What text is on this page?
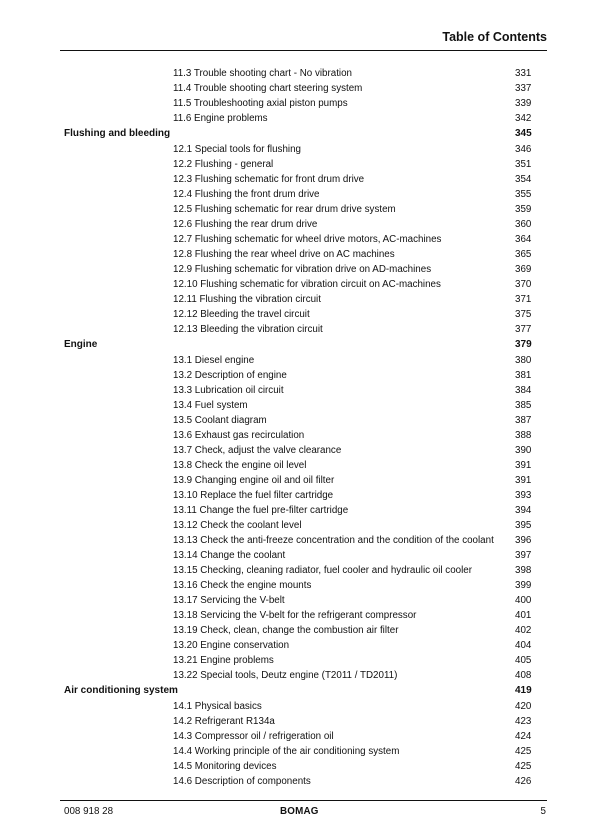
Table of Contents
11.3 Trouble shooting chart - No vibration	331
11.4 Trouble shooting chart steering system	337
11.5 Troubleshooting axial piston pumps	339
11.6 Engine problems	342
Flushing and bleeding	345
12.1 Special tools for flushing	346
12.2 Flushing - general	351
12.3 Flushing schematic for front drum drive	354
12.4 Flushing the front drum drive	355
12.5 Flushing schematic for rear drum drive system	359
12.6 Flushing the rear drum drive	360
12.7 Flushing schematic for wheel drive motors, AC-machines	364
12.8 Flushing the rear wheel drive on AC machines	365
12.9 Flushing schematic for vibration drive on AD-machines	369
12.10 Flushing schematic for vibration circuit on AC-machines	370
12.11 Flushing the vibration circuit	371
12.12 Bleeding the travel circuit	375
12.13 Bleeding the vibration circuit	377
Engine	379
13.1 Diesel engine	380
13.2 Description of engine	381
13.3 Lubrication oil circuit	384
13.4 Fuel system	385
13.5 Coolant diagram	387
13.6 Exhaust gas recirculation	388
13.7 Check, adjust the valve clearance	390
13.8 Check the engine oil level	391
13.9 Changing engine oil and oil filter	391
13.10 Replace the fuel filter cartridge	393
13.11 Change the fuel pre-filter cartridge	394
13.12 Check the coolant level	395
13.13 Check the anti-freeze concentration and the condition of the coolant 396
13.14 Change the coolant	397
13.15 Checking, cleaning radiator, fuel cooler and hydraulic oil cooler	398
13.16 Check the engine mounts	399
13.17 Servicing the V-belt	400
13.18 Servicing the V-belt for the refrigerant compressor	401
13.19 Check, clean, change the combustion air filter	402
13.20 Engine conservation	404
13.21 Engine problems	405
13.22 Special tools, Deutz engine (T2011 / TD2011)	408
Air conditioning system	419
14.1 Physical basics	420
14.2 Refrigerant R134a	423
14.3 Compressor oil / refrigeration oil	424
14.4 Working principle of the air conditioning system	425
14.5 Monitoring devices	425
14.6 Description of components	426
008 918 28	BOMAG	5
